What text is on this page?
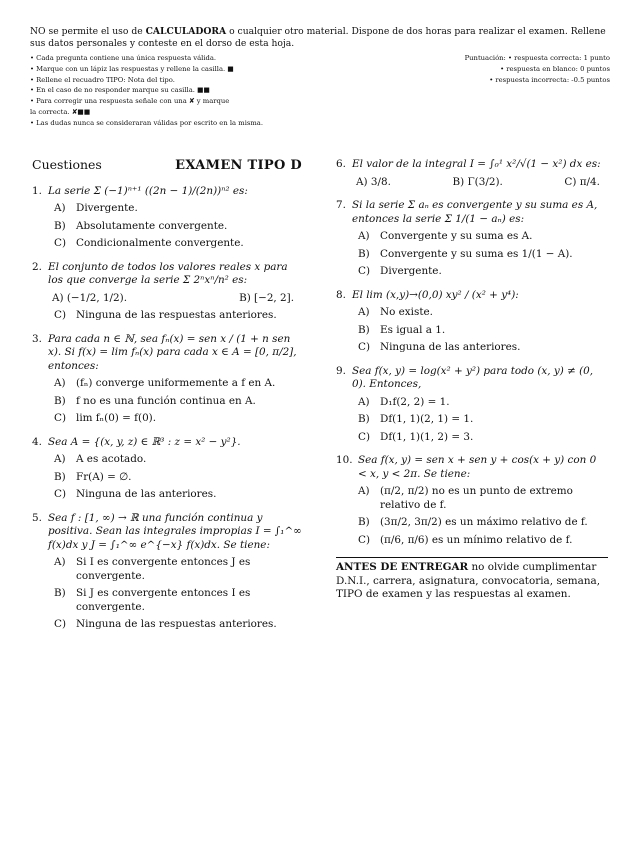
NO se permite el uso de CALCULADORA o cualquier otro material. Dispone de dos horas para realizar el examen. Rellene sus datos personales y conteste en el dorso de esta hoja.

• Cada pregunta contiene una única respuesta válida.

• Marque con un lápiz las respuestas y rellene la casilla. ■

• Rellene el recuadro TIPO: Nota del tipo.

• En el caso de no responder marque su casilla. ■■

• Para corregir una respuesta señale con una ✘ y marque

la correcta. ✘■■

• Las dudas nunca se consideraran válidas por escrito en la misma.

Puntuación: • respuesta correcta: 1 punto
• respuesta en blanco: 0 puntos
• respuesta incorrecta: -0.5 puntos
Cuestiones	EXAMEN TIPO D
1. La serie Σ (−1)ⁿ⁺¹ ((2n − 1)/(2n))ⁿ² es:
A)	Divergente.
B) Absolutamente convergente.
C) Condicionalmente convergente.
2. El conjunto de todos los valores reales x para los que converge la serie Σ 2ⁿxⁿ/n² es:
A) (−1/2, 1/2).	B) [−2, 2].
C) Ninguna de las respuestas anteriores.
3. Para cada n ∈ ℕ, sea fₙ(x) = sen x / (1 + n sen x). Si f(x) = lim fₙ(x) para cada x ∈ A = [0, π/2], entonces:
A)	(fₙ) converge uniformemente a f en A.
B) f no es una función continua en A.
C) lim fₙ(0) = f(0).
4. Sea A = {(x, y, z) ∈ ℝ³ : z = x² − y²}.
A)	A es acotado.
B) Fr(A) = ∅.
C) Ninguna de las anteriores.
5. Sea f : [1, ∞) → ℝ una función continua y positiva. Sean las integrales impropias I = ∫₁^∞ f(x)dx y J = ∫₁^∞ e^{−x} f(x)dx. Se tiene:
A)	Si I es convergente entonces J es convergente.
B) Si J es convergente entonces I es convergente.
C) Ninguna de las respuestas anteriores.
6. El valor de la integral I = ∫₀¹ x²/√(1 − x²) dx es:
A) 3/8.	B) Γ(3/2).	C) π/4.
7. Si la serie Σ aₙ es convergente y su suma es A, entonces la serie Σ 1/(1 − aₙ) es:
A)	Convergente y su suma es A.
B) Convergente y su suma es 1/(1 − A).
C) Divergente.
8. El lim (x,y)→(0,0) xy² / (x² + y⁴):
A)	No existe.
B) Es igual a 1.
C) Ninguna de las anteriores.
9. Sea f(x, y) = log(x² + y²) para todo (x, y) ≠ (0, 0). Entonces,
A)	D₁f(2, 2) = 1.
B) Df(1, 1)(2, 1) = 1.
C) Df(1, 1)(1, 2) = 3.
10. Sea f(x, y) = sen x + sen y + cos(x + y) con 0 < x, y < 2π. Se tiene:
A)	(π/2, π/2) no es un punto de extremo relativo de f.
B) (3π/2, 3π/2) es un máximo relativo de f.
C) (π/6, π/6) es un mínimo relativo de f.
ANTES DE ENTREGAR no olvide cumplimentar D.N.I., carrera, asignatura, convocatoria, semana, TIPO de examen y las respuestas al examen.
